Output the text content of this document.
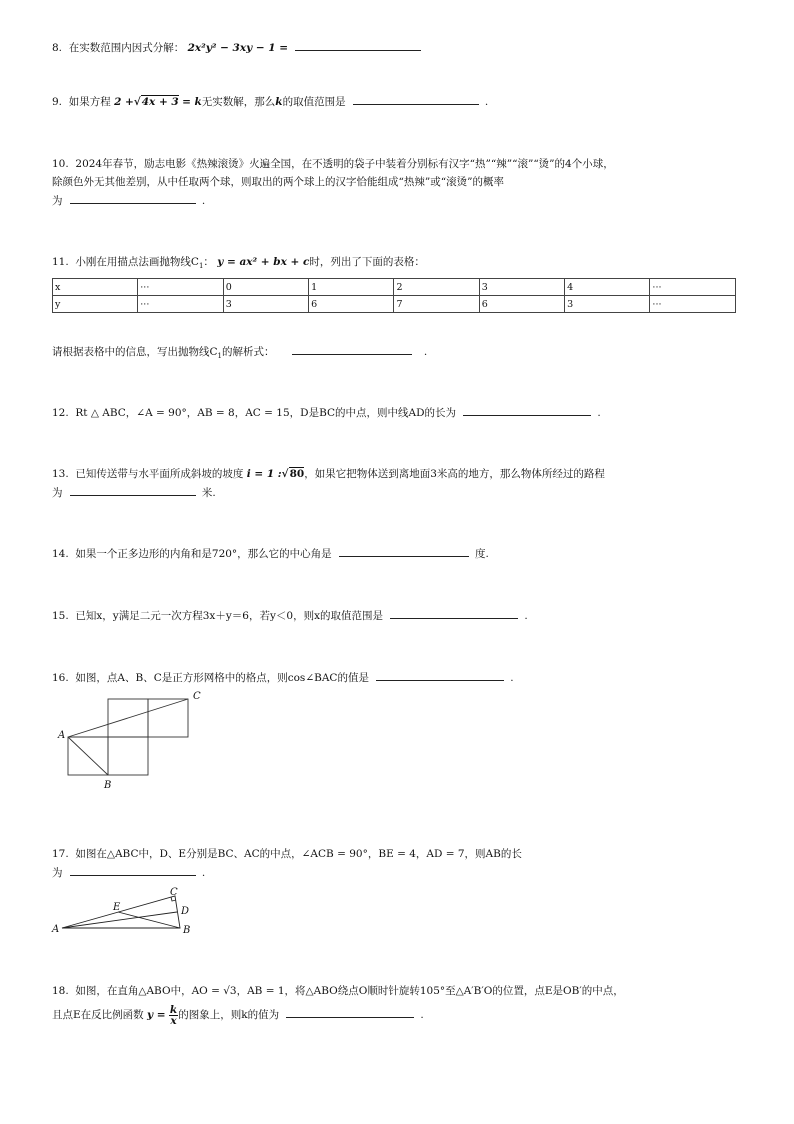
8. 在实数范围内因式分解： 2x²y² − 3xy − 1 =
9. 如果方程 2 +√4x + 3 = k无实数解，那么k的取值范围是	.
10. 2024年春节，励志电影《热辣滚烫》火遍全国，在不透明的袋子中装着分别标有汉字“热”“辣”“滚”“烫”的4个小球，
除颜色外无其他差别，从中任取两个球，则取出的两个球上的汉字恰能组成“热辣”或“滚烫”的概率
为	.
11. 小刚在用描点法画抛物线$C_1$： y = ax² + bx + c时，列出了下面的表格：
x	···	0	1	2	3	4	···
y	···	3	6	7	6	3	···
请根据表格中的信息，写出抛物线$C_1$的解析式：	.
12. Rt △ ABC，∠A = 90°，AB = 8，AC = 15，D是BC的中点，则中线AD的长为	.
13. 已知传送带与水平面所成斜坡的坡度 i = 1 :√80，如果它把物体送到离地面3米高的地方，那么物体所经过的路程
为	米.
14. 如果一个正多边形的内角和是720°，那么它的中心角是	度.
15. 已知x，y满足二元一次方程3x＋y＝6，若y＜0，则x的取值范围是	.
16. 如图，点A、B、C是正方形网格中的格点，则cos∠BAC的值是	.
A
B
C
17. 如图在△ABC中，D、E分别是BC、AC的中点，∠ACB = 90°，BE = 4，AD = 7，则AB的长
为	.
A	B
C
D
E
18. 如图，在直角△ABO中，AO = √3，AB = 1，将△ABO绕点O顺时针旋转105°至△A′B′O的位置，点E是OB′的中点，
且点E在反比例函数 $y = \frac{k}{x}$ 的图象上，则k的值为	.
